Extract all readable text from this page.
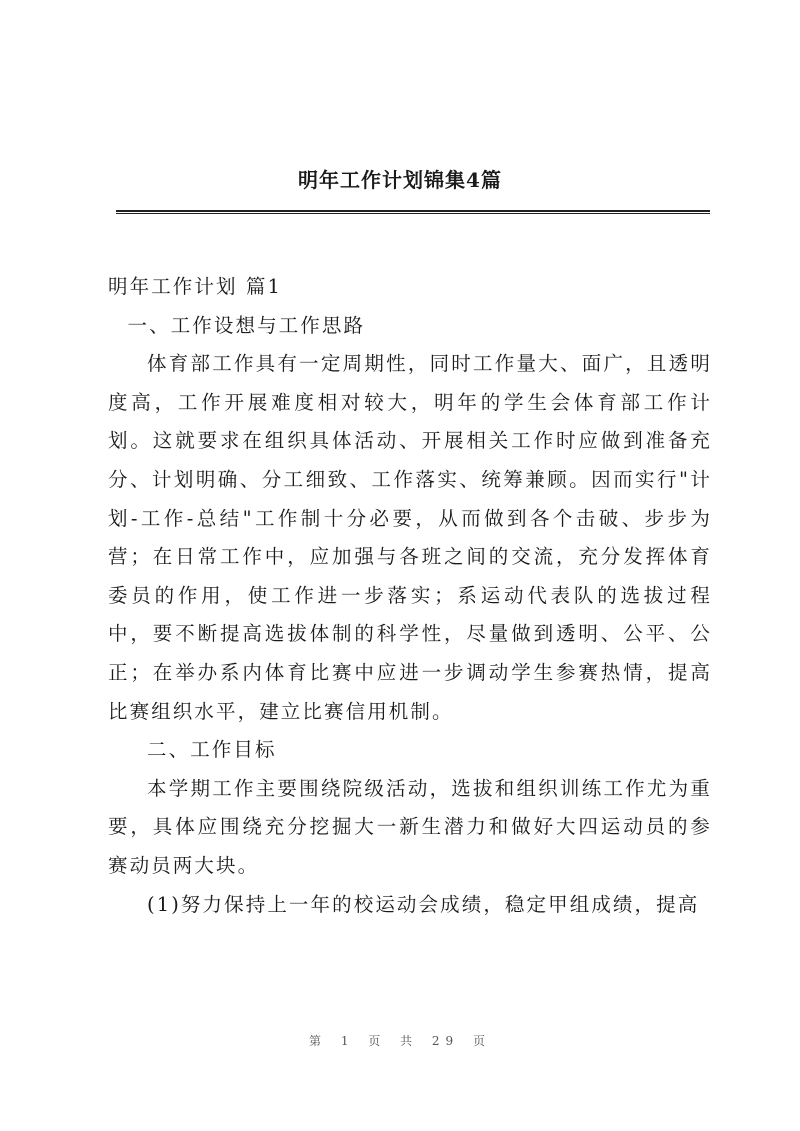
明年工作计划锦集4篇

明年工作计划 篇1

一、工作设想与工作思路

体育部工作具有一定周期性，同时工作量大、面广，且透明度高，工作开展难度相对较大，明年的学生会体育部工作计划。这就要求在组织具体活动、开展相关工作时应做到准备充分、计划明确、分工细致、工作落实、统筹兼顾。因而实行"计划-工作-总结"工作制十分必要，从而做到各个击破、步步为营；在日常工作中，应加强与各班之间的交流，充分发挥体育委员的作用，使工作进一步落实；系运动代表队的选拔过程中，要不断提高选拔体制的科学性，尽量做到透明、公平、公正；在举办系内体育比赛中应进一步调动学生参赛热情，提高比赛组织水平，建立比赛信用机制。

二、工作目标

本学期工作主要围绕院级活动，选拔和组织训练工作尤为重要，具体应围绕充分挖掘大一新生潜力和做好大四运动员的参赛动员两大块。

(1)努力保持上一年的校运动会成绩，稳定甲组成绩，提高

第 1 页 共 29 页
